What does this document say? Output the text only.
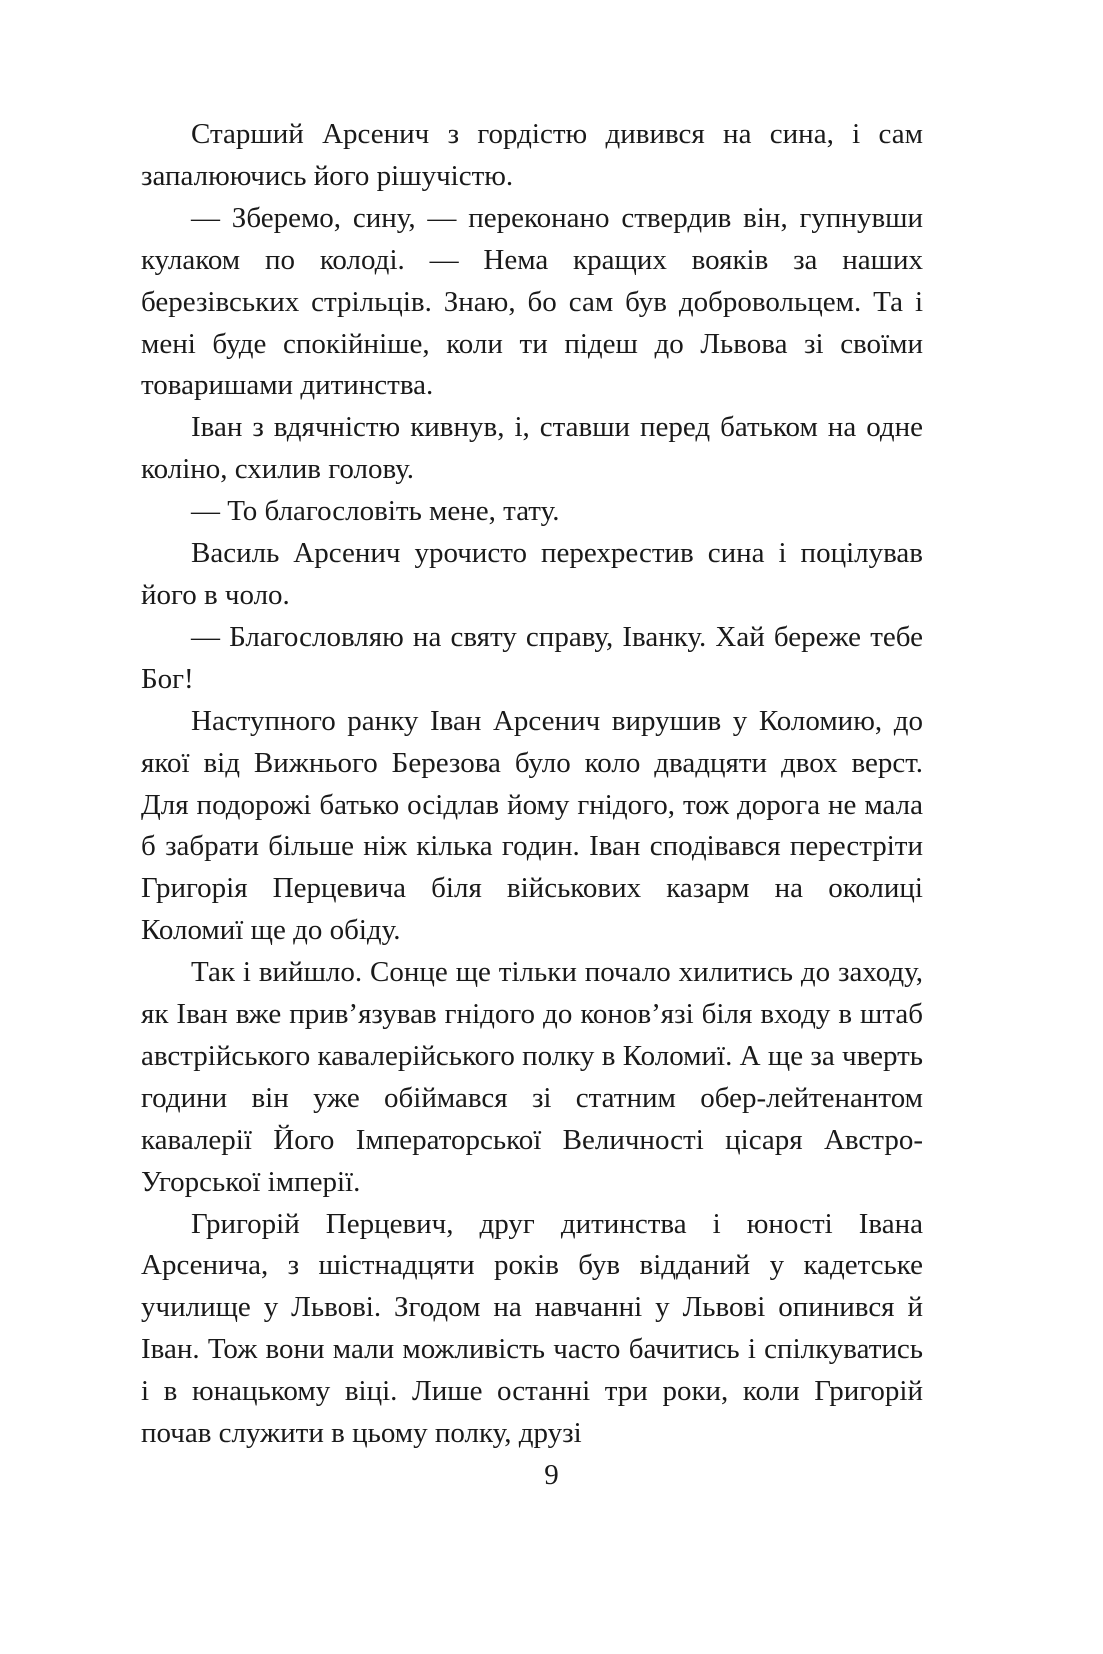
Старший Арсенич з гордістю дивився на сина, і сам запалюючись його рішучістю.

— Зберемо, сину, — переконано ствердив він, гупнувши кулаком по колоді. — Нема кращих вояків за наших березівських стрільців. Знаю, бо сам був добровольцем. Та і мені буде спокійніше, коли ти підеш до Львова зі своїми товаришами дитинства.

Іван з вдячністю кивнув, і, ставши перед батьком на одне коліно, схилив голову.

— То благословіть мене, тату.

Василь Арсенич урочисто перехрестив сина і поцілував його в чоло.

— Благословляю на святу справу, Іванку. Хай береже тебе Бог!

Наступного ранку Іван Арсенич вирушив у Коломию, до якої від Вижнього Березова було коло двадцяти двох верст. Для подорожі батько осідлав йому гнідого, тож дорога не мала б забрати більше ніж кілька годин. Іван сподівався перестріти Григорія Перцевича біля військових казарм на околиці Коломиї ще до обіду.

Так і вийшло. Сонце ще тільки почало хилитись до заходу, як Іван вже прив’язував гнідого до конов’язі біля входу в штаб австрійського кавалерійського полку в Коломиї. А ще за чверть години він уже обіймався зі статним обер-лейтенантом кавалерії Його Імператорської Величності цісаря Австро-Угорської імперії.

Григорій Перцевич, друг дитинства і юності Івана Арсенича, з шістнадцяти років був відданий у кадетське училище у Львові. Згодом на навчанні у Львові опинився й Іван. Тож вони мали можливість часто бачитись і спілкуватись і в юнацькому віці. Лише останні три роки, коли Григорій почав служити в цьому полку, друзі

9
